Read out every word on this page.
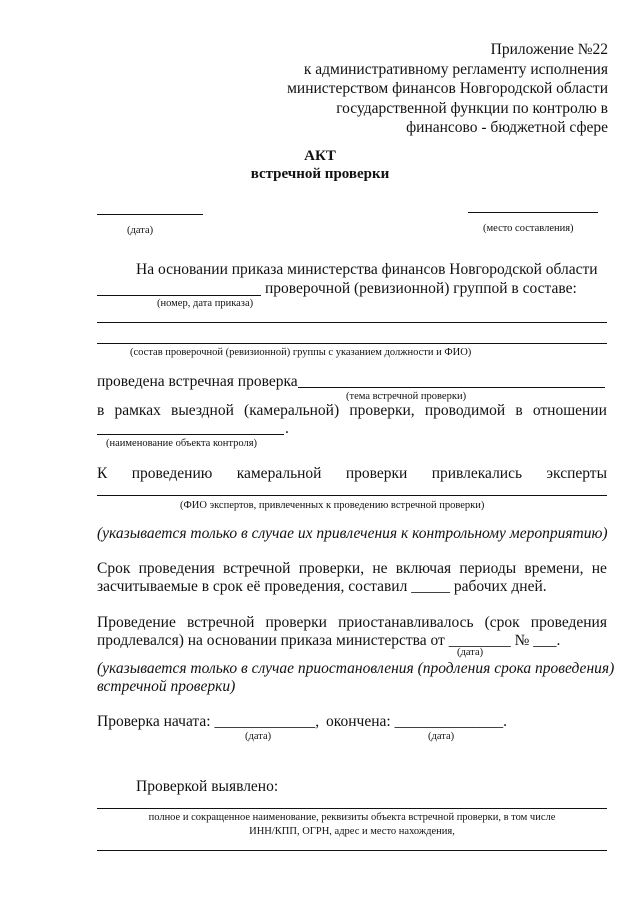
Приложение №22
к административному регламенту исполнения
министерством финансов Новгородской области
государственной функции по контролю в
финансово - бюджетной сфере
АКТ
встречной проверки
(дата)	(место составления)
На основании приказа министерства финансов Новгородской области
проверочной (ревизионной) группой в составе:
(номер, дата приказа)
(состав проверочной (ревизионной) группы с указанием должности и ФИО)
проведена встречная проверка
(тема встречной проверки)
в рамках выездной (камеральной) проверки, проводимой в отношении
.
(наименование объекта контроля)
К проведению камеральной проверки привлекались эксперты
(ФИО экспертов, привлеченных к проведению встречной проверки)
(указывается только в случае их привлечения к контрольному мероприятию)
Срок проведения встречной проверки, не включая периоды времени, не
засчитываемые в срок её проведения, составил _____ рабочих дней.
Проведение встречной проверки приостанавливалось (срок проведения
продлевался) на основании приказа министерства от ________ № ___.
(дата)
(указывается только в случае приостановления (продления срока проведения)
встречной проверки)
Проверка начата: _____________, окончена: ______________.
(дата)	(дата)
Проверкой выявлено:
полное и сокращенное наименование, реквизиты объекта встречной проверки, в том числе
ИНН/КПП, ОГРН, адрес и место нахождения,
